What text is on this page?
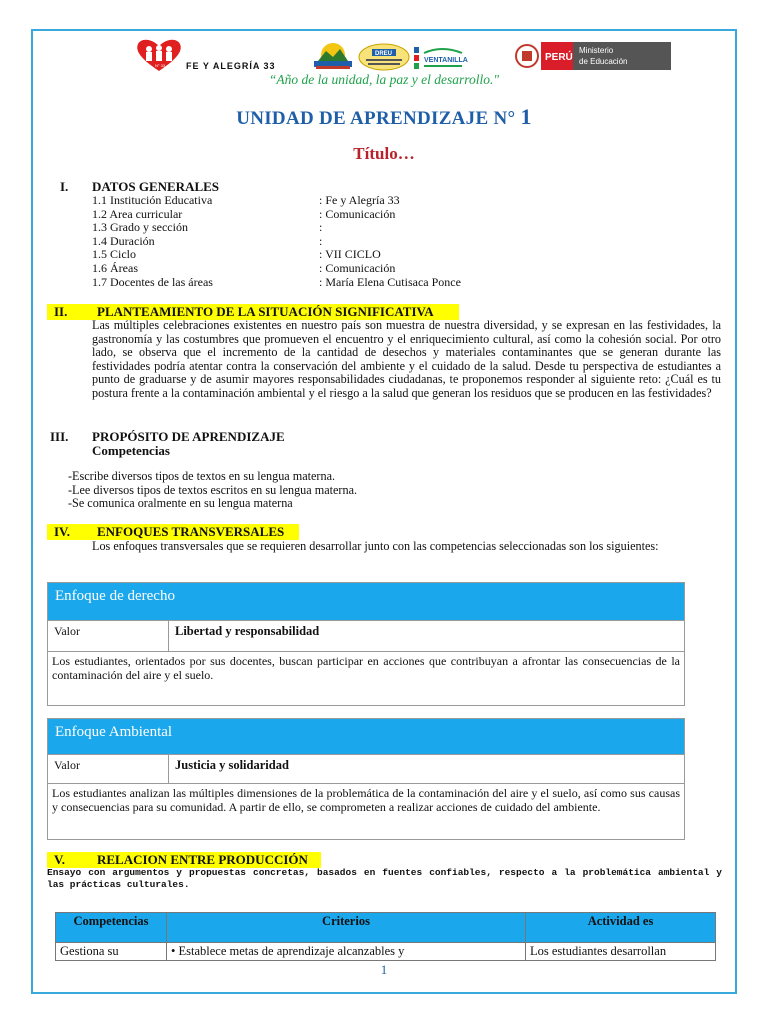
N° 33 FE Y ALEGRÍA 33
DREU
VENTANILLA	PERÚ
Ministerio
de Educación
“Año de la unidad, la paz y el desarrollo."
UNIDAD DE APRENDIZAJE N° 1
Título…
I. DATOS GENERALES
1.1 Institución Educativa	: Fe y Alegría 33
1.2 Area curricular	: Comunicación
1.3 Grado y sección	:
1.4 Duración	:
1.5 Ciclo	: VII CICLO
1.6 Áreas	: Comunicación
1.7 Docentes de las áreas	: María Elena Cutisaca Ponce
II. PLANTEAMIENTO DE LA SITUACIÓN SIGNIFICATIVA
Las múltiples celebraciones existentes en nuestro país son muestra de nuestra diversidad, y se expresan en las festividades, la gastronomía y las costumbres que promueven el encuentro y el enriquecimiento cultural, así como la cohesión social. Por otro lado, se observa que el incremento de la cantidad de desechos y materiales contaminantes que se generan durante las festividades podría atentar contra la conservación del ambiente y el cuidado de la salud. Desde tu perspectiva de estudiantes a punto de graduarse y de asumir mayores responsabilidades ciudadanas, te proponemos responder al siguiente reto: ¿Cuál es tu postura frente a la contaminación ambiental y el riesgo a la salud que generan los residuos que se producen en las festividades?
III. PROPÓSITO DE APRENDIZAJE
Competencias
-Escribe diversos tipos de textos en su lengua materna.
-Lee diversos tipos de textos escritos en su lengua materna.
-Se comunica oralmente en su lengua materna
IV. ENFOQUES TRANSVERSALES
Los enfoques transversales que se requieren desarrollar junto con las competencias seleccionadas son los siguientes:
Enfoque de derecho
Valor	Libertad y responsabilidad
Los estudiantes, orientados por sus docentes, buscan participar en acciones que contribuyan a afrontar las consecuencias de la contaminación del aire y el suelo.
Enfoque Ambiental
Valor	Justicia y solidaridad
Los estudiantes analizan las múltiples dimensiones de la problemática de la contaminación del aire y el suelo, así como sus causas y consecuencias para su comunidad. A partir de ello, se comprometen a realizar acciones de cuidado del ambiente.
V. RELACION ENTRE PRODUCCIÓN
Ensayo con argumentos y propuestas concretas, basados en fuentes confiables, respecto a la problemática ambiental y las prácticas culturales.
Competencias	Criterios	Actividad es
Gestiona su	• Establece metas de aprendizaje alcanzables y	Los estudiantes desarrollan
1
